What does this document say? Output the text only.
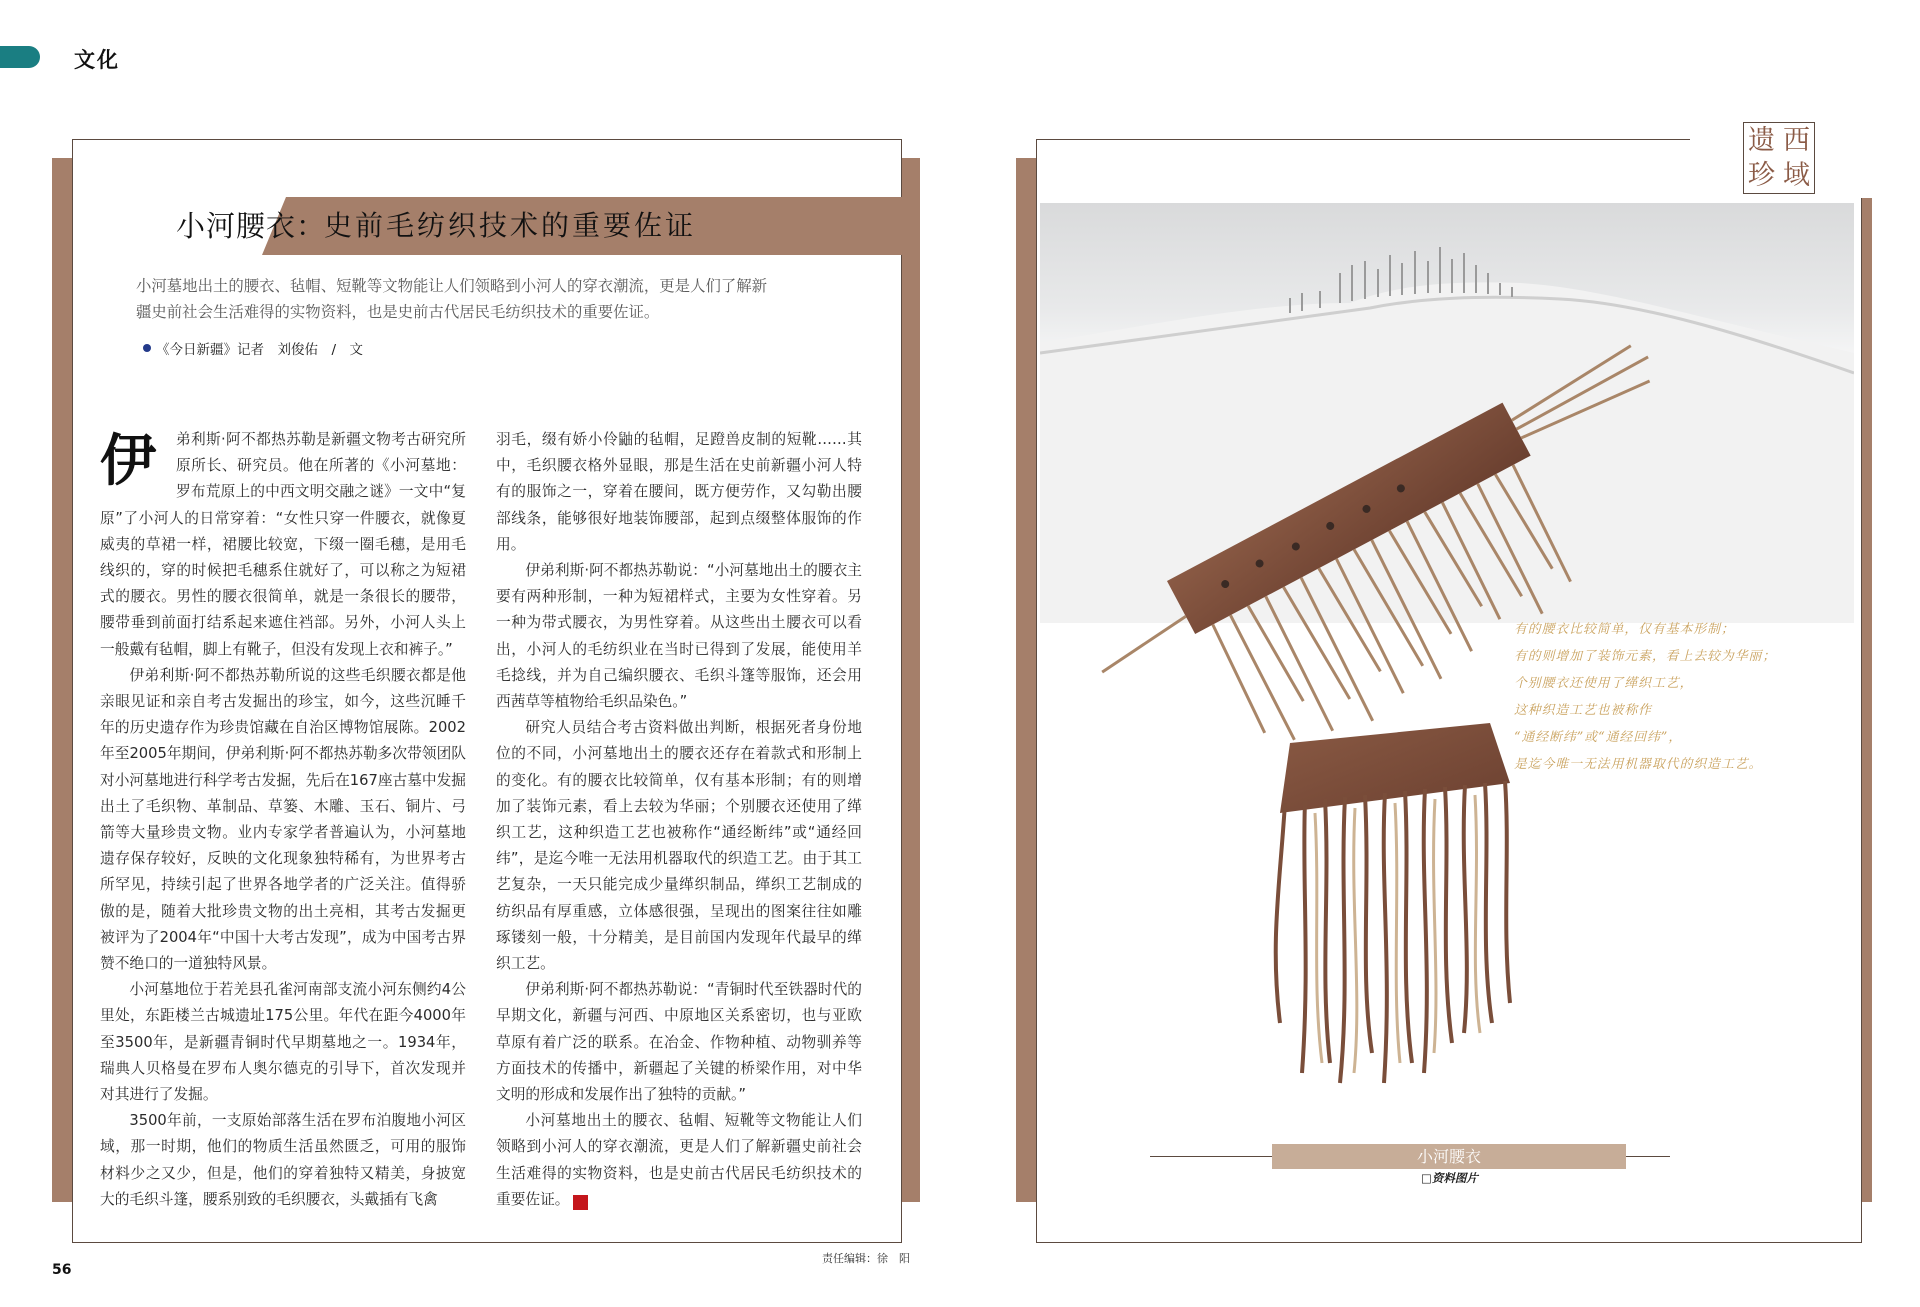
文化
小河腰衣：
史前毛纺织技术的重要佐证
小河墓地出土的腰衣、毡帽、短靴等文物能让人们领略到小河人的穿衣潮流，更是人们了解新疆史前社会生活难得的实物资料，也是史前古代居民毛纺织技术的重要佐证。
《今日新疆》记者　刘俊佑　/　文
伊	弟利斯·阿不都热苏勒是新疆文物考古研究所原所长、研究员。他在所著的《小河墓地：罗布荒原上的中西文明交融之谜》一文中“复原”了小河人的日常穿着：“女性只穿一件腰衣，就像夏威夷的草裙一样，裙腰比较宽，下缀一圈毛穗，是用毛线织的，穿的时候把毛穗系住就好了，可以称之为短裙式的腰衣。男性的腰衣很简单，就是一条很长的腰带，腰带垂到前面打结系起来遮住裆部。另外，小河人头上一般戴有毡帽，脚上有靴子，但没有发现上衣和裤子。”

伊弟利斯·阿不都热苏勒所说的这些毛织腰衣都是他亲眼见证和亲自考古发掘出的珍宝，如今，这些沉睡千年的历史遗存作为珍贵馆藏在自治区博物馆展陈。2002年至2005年期间，伊弟利斯·阿不都热苏勒多次带领团队对小河墓地进行科学考古发掘，先后在167座古墓中发掘出土了毛织物、革制品、草篓、木雕、玉石、铜片、弓箭等大量珍贵文物。业内专家学者普遍认为，小河墓地遗存保存较好，反映的文化现象独特稀有，为世界考古所罕见，持续引起了世界各地学者的广泛关注。值得骄傲的是，随着大批珍贵文物的出土亮相，其考古发掘更被评为了2004年“中国十大考古发现”，成为中国考古界赞不绝口的一道独特风景。

小河墓地位于若羌县孔雀河南部支流小河东侧约4公里处，东距楼兰古城遗址175公里。年代在距今4000年至3500年，是新疆青铜时代早期墓地之一。1934年，瑞典人贝格曼在罗布人奥尔德克的引导下，首次发现并对其进行了发掘。

3500年前，一支原始部落生活在罗布泊腹地小河区域，那一时期，他们的物质生活虽然匮乏，可用的服饰材料少之又少，但是，他们的穿着独特又精美，身披宽大的毛织斗篷，腰系别致的毛织腰衣，头戴插有飞禽

羽毛，缀有娇小伶鼬的毡帽，足蹬兽皮制的短靴……其中，毛织腰衣格外显眼，那是生活在史前新疆小河人特有的服饰之一，穿着在腰间，既方便劳作，又勾勒出腰部线条，能够很好地装饰腰部，起到点缀整体服饰的作用。

伊弟利斯·阿不都热苏勒说：“小河墓地出土的腰衣主要有两种形制，一种为短裙样式，主要为女性穿着。另一种为带式腰衣，为男性穿着。从这些出土腰衣可以看出，小河人的毛纺织业在当时已得到了发展，能使用羊毛捻线，并为自己编织腰衣、毛织斗篷等服饰，还会用西茜草等植物给毛织品染色。”

研究人员结合考古资料做出判断，根据死者身份地位的不同，小河墓地出土的腰衣还存在着款式和形制上的变化。有的腰衣比较简单，仅有基本形制；有的则增加了装饰元素，看上去较为华丽；个别腰衣还使用了缂织工艺，这种织造工艺也被称作“通经断纬”或“通经回纬”，是迄今唯一无法用机器取代的织造工艺。由于其工艺复杂，一天只能完成少量缂织制品，缂织工艺制成的纺织品有厚重感，立体感很强，呈现出的图案往往如雕琢镂刻一般，十分精美，是目前国内发现年代最早的缂织工艺。

伊弟利斯·阿不都热苏勒说：“青铜时代至铁器时代的早期文化，新疆与河西、中原地区关系密切，也与亚欧草原有着广泛的联系。在冶金、作物种植、动物驯养等方面技术的传播中，新疆起了关键的桥梁作用，对中华文明的形成和发展作出了独特的贡献。”

小河墓地出土的腰衣、毡帽、短靴等文物能让人们领略到小河人的穿衣潮流，更是人们了解新疆史前社会生活难得的实物资料，也是史前古代居民毛纺织技术的重要佐证。	J

责任编辑：徐　阳
56
遗 西
珍 域
有的腰衣比较简单，仅有基本形制；
有的则增加了装饰元素，看上去较为华丽；
个别腰衣还使用了缂织工艺，
这种织造工艺也被称作
“通经断纬”或“通经回纬”，
是迄今唯一无法用机器取代的织造工艺。
小河腰衣
□资料图片
